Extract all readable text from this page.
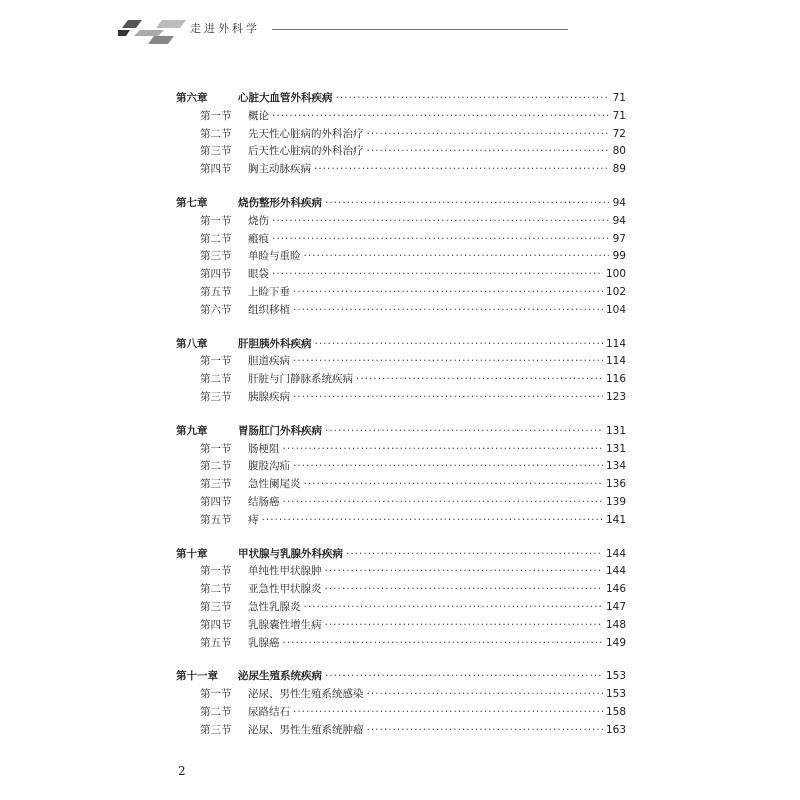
走进外科学
第六章	心脏大血管外科疾病 ·····	71
第一节 概论 ·····	71
第二节 先天性心脏病的外科治疗 ·····	72
第三节 后天性心脏病的外科治疗 ·····	80
第四节 胸主动脉疾病 ·····	89
第七章	烧伤整形外科疾病 ·····	94
第一节 烧伤 ·····	94
第二节 瘢痕 ·····	97
第三节 单睑与重睑 ·····	99
第四节 眼袋 ·····	100
第五节 上睑下垂 ·····	102
第六节 组织移植 ·····	104
第八章	肝胆胰外科疾病 ·····	114
第一节 胆道疾病 ·····	114
第二节 肝脏与门静脉系统疾病 ·····	116
第三节 胰腺疾病 ·····	123
第九章	胃肠肛门外科疾病 ·····	131
第一节 肠梗阻 ·····	131
第二节 腹股沟疝 ·····	134
第三节 急性阑尾炎 ·····	136
第四节 结肠癌 ·····	139
第五节 痔 ·····	141
第十章	甲状腺与乳腺外科疾病 ·····	144
第一节 单纯性甲状腺肿 ·····	144
第二节 亚急性甲状腺炎 ·····	146
第三节 急性乳腺炎 ·····	147
第四节 乳腺囊性增生病 ·····	148
第五节 乳腺癌 ·····	149
第十一章 泌尿生殖系统疾病 ·····	153
第一节 泌尿、男性生殖系统感染 ·····	153
第二节 尿路结石 ·····	158
第三节 泌尿、男性生殖系统肿瘤 ·····	163
2
